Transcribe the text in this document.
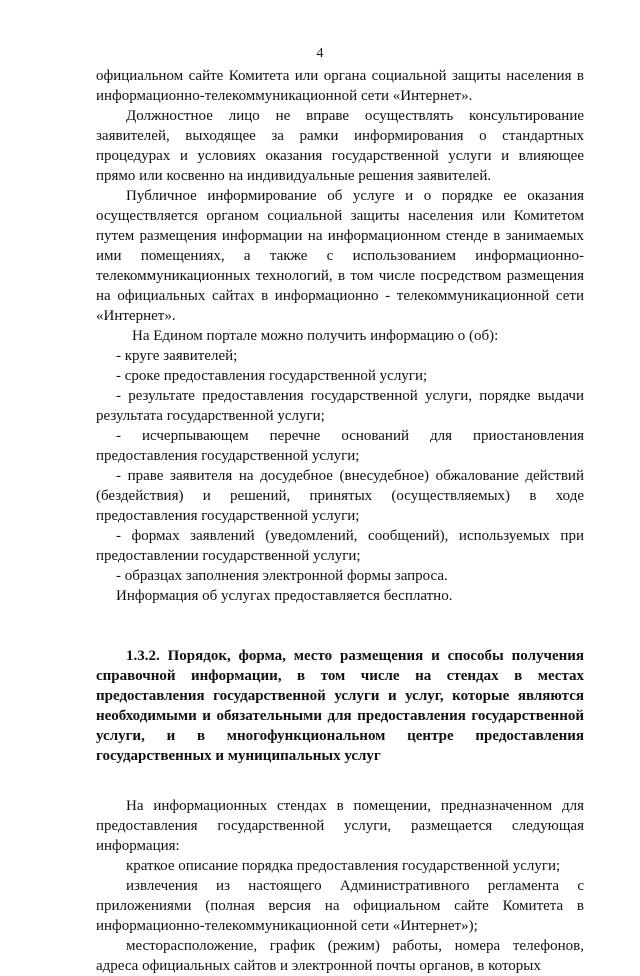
4

официальном сайте Комитета или органа социальной защиты населения в информационно-телекоммуникационной сети «Интернет».

Должностное лицо не вправе осуществлять консультирование заявителей, выходящее за рамки информирования о стандартных процедурах и условиях оказания государственной услуги и влияющее прямо или косвенно на индивидуальные решения заявителей.

Публичное информирование об услуге и о порядке ее оказания осуществляется органом социальной защиты населения или Комитетом путем размещения информации на информационном стенде в занимаемых ими помещениях, а также с использованием информационно-телекоммуникационных технологий, в том числе посредством размещения на официальных сайтах в информационно - телекоммуникационной сети «Интернет».

На Едином портале можно получить информацию о (об):

- круге заявителей;

- сроке предоставления государственной услуги;

- результате предоставления государственной услуги, порядке выдачи результата государственной услуги;

- исчерпывающем перечне оснований для приостановления предоставления государственной услуги;

- праве заявителя на досудебное (внесудебное) обжалование действий (бездействия) и решений, принятых (осуществляемых) в ходе предоставления государственной услуги;

- формах заявлений (уведомлений, сообщений), используемых при предоставлении государственной услуги;

- образцах заполнения электронной формы запроса.

Информация об услугах предоставляется бесплатно.

1.3.2. Порядок, форма, место размещения и способы получения справочной информации, в том числе на стендах в местах предоставления государственной услуги и услуг, которые являются необходимыми и обязательными для предоставления государственной услуги, и в многофункциональном центре предоставления государственных и муниципальных услуг

На информационных стендах в помещении, предназначенном для предоставления государственной услуги, размещается следующая информация:

краткое описание порядка предоставления государственной услуги;

извлечения из настоящего Административного регламента с приложениями (полная версия на официальном сайте Комитета в информационно-телекоммуникационной сети «Интернет»);

месторасположение, график (режим) работы, номера телефонов, адреса официальных сайтов и электронной почты органов, в которых
